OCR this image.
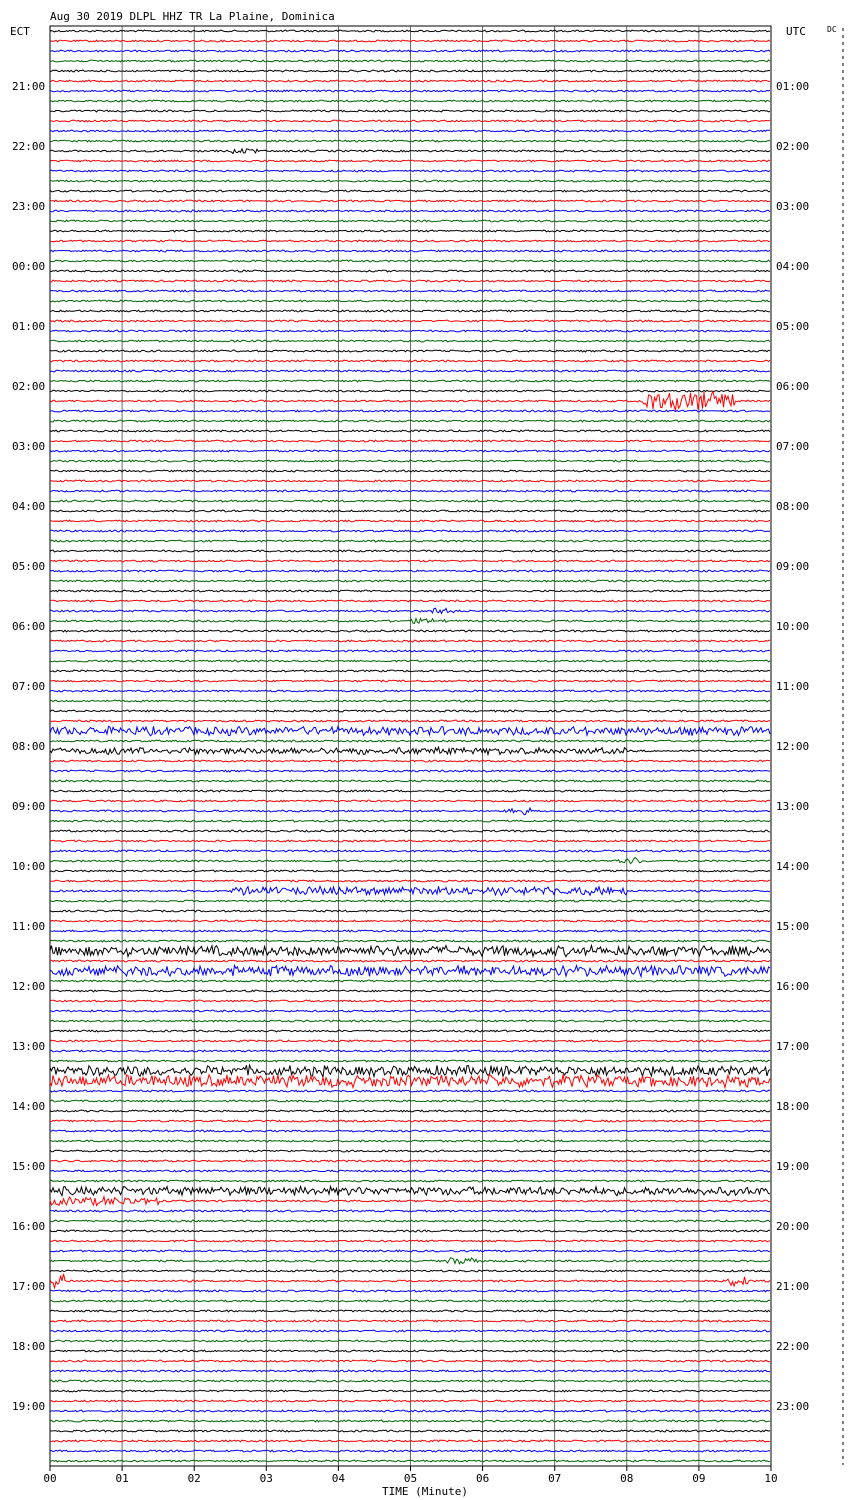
Aug 30 2019 DLPL HHZ TR La Plaine, Dominica
ECT	UTC	DC
21:00
22:00
23:00
00:00
01:00
02:00
03:00
04:00
05:00
06:00
07:00
08:00
09:00
10:00
11:00
12:00
13:00
14:00
15:00
16:00
17:00
18:00
19:00
01:00
02:00
03:00
04:00
05:00
06:00
07:00
08:00
09:00
10:00
11:00
12:00
13:00
14:00
15:00
16:00
17:00
18:00
19:00
20:00
21:00
22:00
23:00
00	01	02	03	04	05	06	07	08	09	10
TIME (Minute)
